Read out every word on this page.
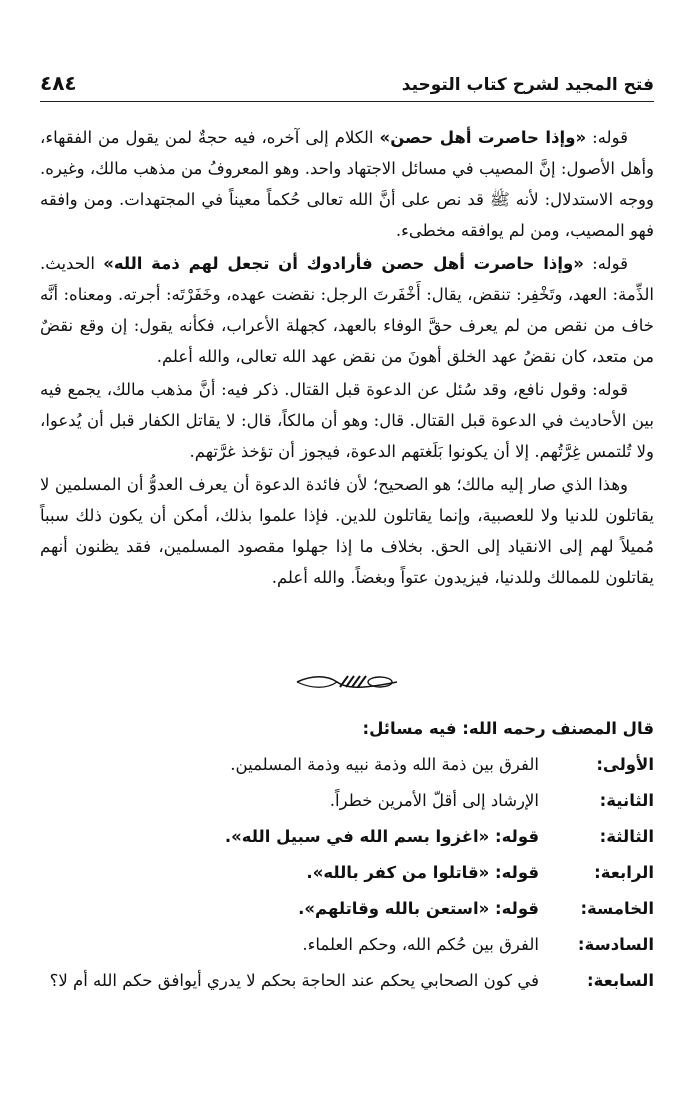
٤٨٤	فتح المجيد لشرح كتاب التوحيد

قوله: «وإذا حاصرت أهل حصن» الكلام إلى آخره، فيه حجةٌ لمن يقول من الفقهاء، وأهل الأصول: إنَّ المصيب في مسائل الاجتهاد واحد. وهو المعروفُ من مذهب مالك، وغيره. ووجه الاستدلال: لأنه ﷺ قد نص على أنَّ الله تعالى حُكماً معيناً في المجتهدات. ومن وافقه فهو المصيب، ومن لم يوافقه مخطىء.

قوله: «وإذا حاصرت أهل حصن فأرادوك أن تجعل لهم ذمة الله» الحديث. الذِّمة: العهد، وتَخْفِر: تنقض، يقال: أَخْفَرتَ الرجل: نقضت عهده، وخَفَرْتَه: أجرته. ومعناه: أنَّه خاف من نقص من لم يعرف حقَّ الوفاء بالعهد، كجهلة الأعراب، فكأنه يقول: إن وقع نقضٌ من متعد، كان نقضُ عهد الخلق أهونَ من نقض عهد الله تعالى، والله أعلم.

قوله: وقول نافع، وقد سُئل عن الدعوة قبل القتال. ذكر فيه: أنَّ مذهب مالك، يجمع فيه بين الأحاديث في الدعوة قبل القتال. قال: وهو أن مالكاً، قال: لا يقاتل الكفار قبل أن يُدعوا، ولا تُلتمس غِرَّتُهم. إلا أن يكونوا بَلَغتهم الدعوة، فيجوز أن تؤخذ غرَّتهم.

وهذا الذي صار إليه مالك؛ هو الصحيح؛ لأن فائدة الدعوة أن يعرف العدوُّ أن المسلمين لا يقاتلون للدنيا ولا للعصبية، وإنما يقاتلون للدين. فإذا علموا بذلك، أمكن أن يكون ذلك سبباً مُميلاً لهم إلى الانقياد إلى الحق. بخلاف ما إذا جهلوا مقصود المسلمين، فقد يظنون أنهم يقاتلون للممالك وللدنيا، فيزيدون عتواً وبغضاً. والله أعلم.

قال المصنف رحمه الله: فيه مسائل:
الأولى:
الفرق بين ذمة الله وذمة نبيه وذمة المسلمين.
الثانية:
الإرشاد إلى أقلّ الأمرين خطراً.
الثالثة:
قوله: «اغزوا بسم الله في سبيل الله».
الرابعة:
قوله: «قاتلوا من كفر بالله».
الخامسة:
قوله: «استعن بالله وقاتلهم».
السادسة:
الفرق بين حُكم الله، وحكم العلماء.
السابعة:
في كون الصحابي يحكم عند الحاجة بحكم لا يدري أيوافق حكم الله أم لا؟
